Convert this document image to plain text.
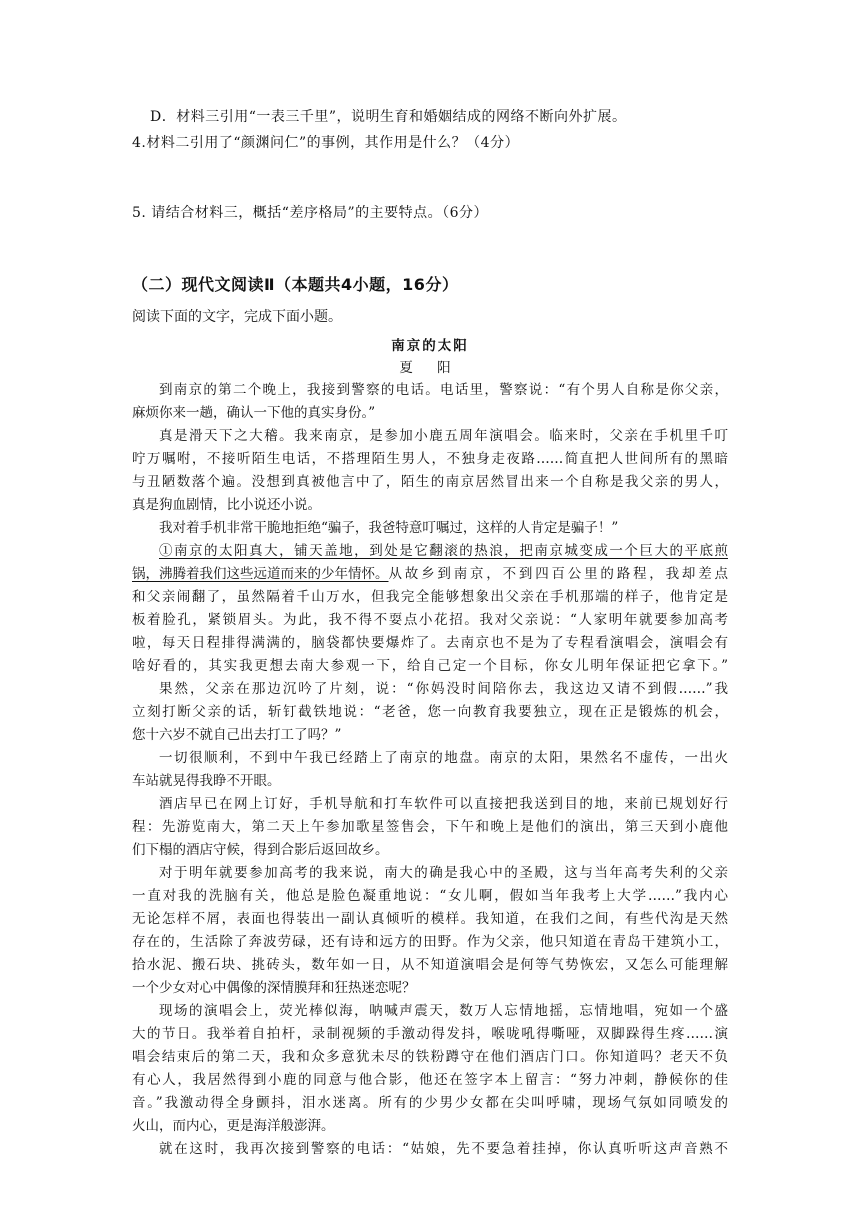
D．材料三引用“一表三千里”，说明生育和婚姻结成的网络不断向外扩展。
4.材料二引用了“颜渊问仁”的事例，其作用是什么？（4分）
5. 请结合材料三，概括“差序格局”的主要特点。（6分）
（二）现代文阅读Ⅱ（本题共4小题，16分）
阅读下面的文字，完成下面小题。
南京的太阳
夏 阳
到南京的第二个晚上，我接到警察的电话。电话里，警察说：“有个男人自称是你父亲，
麻烦你来一趟，确认一下他的真实身份。”
真是滑天下之大稽。我来南京，是参加小鹿五周年演唱会。临来时，父亲在手机里千叮
咛万嘱咐，不接听陌生电话，不搭理陌生男人，不独身走夜路……简直把人世间所有的黑暗
与丑陋数落个遍。没想到真被他言中了，陌生的南京居然冒出来一个自称是我父亲的男人，
真是狗血剧情，比小说还小说。
我对着手机非常干脆地拒绝“骗子，我爸特意叮嘱过，这样的人肯定是骗子！”
①南京的太阳真大，铺天盖地，到处是它翻滚的热浪，把南京城变成一个巨大的平底煎
锅，沸腾着我们这些远道而来的少年情怀。 从故乡到南京，不到四百公里的路程，我却差点
和父亲闹翻了，虽然隔着千山万水，但我完全能够想象出父亲在手机那端的样子，他肯定是
板着脸孔，紧锁眉头。为此，我不得不耍点小花招。我对父亲说：“人家明年就要参加高考
啦，每天日程排得满满的，脑袋都快要爆炸了。去南京也不是为了专程看演唱会，演唱会有
啥好看的，其实我更想去南大参观一下，给自己定一个目标，你女儿明年保证把它拿下。”
果然，父亲在那边沉吟了片刻，说：“你妈没时间陪你去，我这边又请不到假……”我
立刻打断父亲的话，斩钉截铁地说：“老爸，您一向教育我要独立，现在正是锻炼的机会，
您十六岁不就自己出去打工了吗？”
一切很顺利，不到中午我已经踏上了南京的地盘。南京的太阳，果然名不虚传，一出火
车站就晃得我睁不开眼。
酒店早已在网上订好，手机导航和打车软件可以直接把我送到目的地，来前已规划好行
程：先游览南大，第二天上午参加歌星签售会，下午和晚上是他们的演出，第三天到小鹿他
们下榻的酒店守候，得到合影后返回故乡。
对于明年就要参加高考的我来说，南大的确是我心中的圣殿，这与当年高考失利的父亲
一直对我的洗脑有关，他总是脸色凝重地说：“女儿啊，假如当年我考上大学……”我内心
无论怎样不屑，表面也得装出一副认真倾听的模样。我知道，在我们之间，有些代沟是天然
存在的，生活除了奔波劳碌，还有诗和远方的田野。作为父亲，他只知道在青岛干建筑小工，
拾水泥、搬石块、挑砖头，数年如一日，从不知道演唱会是何等气势恢宏，又怎么可能理解
一个少女对心中偶像的深情膜拜和狂热迷恋呢？
现场的演唱会上，荧光棒似海，呐喊声震天，数万人忘情地摇，忘情地唱，宛如一个盛
大的节日。我举着自拍杆，录制视频的手激动得发抖，喉咙吼得嘶哑，双脚跺得生疼……演
唱会结束后的第二天，我和众多意犹未尽的铁粉蹲守在他们酒店门口。你知道吗？老天不负
有心人，我居然得到小鹿的同意与他合影，他还在签字本上留言：“努力冲刺，静候你的佳
音。”我激动得全身颤抖，泪水迷离。所有的少男少女都在尖叫呼啸，现场气氛如同喷发的
火山，而内心，更是海洋般澎湃。
就在这时，我再次接到警察的电话：“姑娘，先不要急着挂掉，你认真听听这声音熟不
